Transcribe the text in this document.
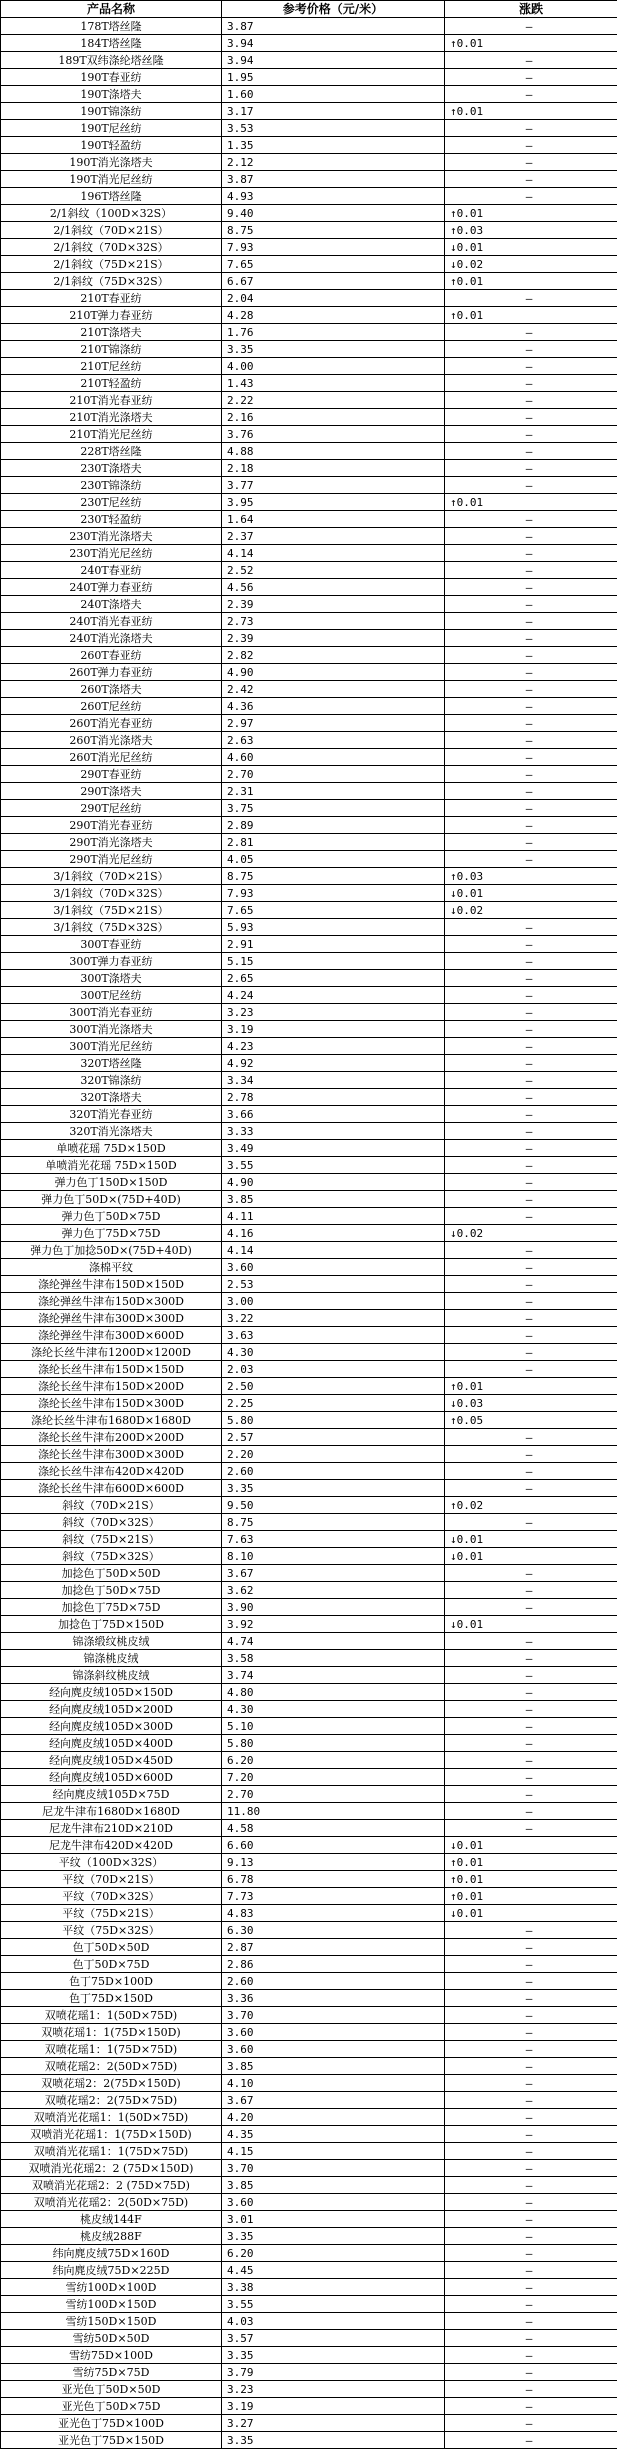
产品名称	参考价格（元/米）	涨跌
178T塔丝隆	3.87	—
184T塔丝隆	3.94	↑0.01
189T双纬涤纶塔丝隆	3.94	—
190T春亚纺	1.95	—
190T涤塔夫	1.60	—
190T锦涤纺	3.17	↑0.01
190T尼丝纺	3.53	—
190T轻盈纺	1.35	—
190T消光涤塔夫	2.12	—
190T消光尼丝纺	3.87	—
196T塔丝隆	4.93	—
2/1斜纹（100D×32S）	9.40	↑0.01
2/1斜纹（70D×21S）	8.75	↑0.03
2/1斜纹（70D×32S）	7.93	↓0.01
2/1斜纹（75D×21S）	7.65	↓0.02
2/1斜纹（75D×32S）	6.67	↑0.01
210T春亚纺	2.04	—
210T弹力春亚纺	4.28	↑0.01
210T涤塔夫	1.76	—
210T锦涤纺	3.35	—
210T尼丝纺	4.00	—
210T轻盈纺	1.43	—
210T消光春亚纺	2.22	—
210T消光涤塔夫	2.16	—
210T消光尼丝纺	3.76	—
228T塔丝隆	4.88	—
230T涤塔夫	2.18	—
230T锦涤纺	3.77	—
230T尼丝纺	3.95	↑0.01
230T轻盈纺	1.64	—
230T消光涤塔夫	2.37	—
230T消光尼丝纺	4.14	—
240T春亚纺	2.52	—
240T弹力春亚纺	4.56	—
240T涤塔夫	2.39	—
240T消光春亚纺	2.73	—
240T消光涤塔夫	2.39	—
260T春亚纺	2.82	—
260T弹力春亚纺	4.90	—
260T涤塔夫	2.42	—
260T尼丝纺	4.36	—
260T消光春亚纺	2.97	—
260T消光涤塔夫	2.63	—
260T消光尼丝纺	4.60	—
290T春亚纺	2.70	—
290T涤塔夫	2.31	—
290T尼丝纺	3.75	—
290T消光春亚纺	2.89	—
290T消光涤塔夫	2.81	—
290T消光尼丝纺	4.05	—
3/1斜纹（70D×21S）	8.75	↑0.03
3/1斜纹（70D×32S）	7.93	↓0.01
3/1斜纹（75D×21S）	7.65	↓0.02
3/1斜纹（75D×32S）	5.93	—
300T春亚纺	2.91	—
300T弹力春亚纺	5.15	—
300T涤塔夫	2.65	—
300T尼丝纺	4.24	—
300T消光春亚纺	3.23	—
300T消光涤塔夫	3.19	—
300T消光尼丝纺	4.23	—
320T塔丝隆	4.92	—
320T锦涤纺	3.34	—
320T涤塔夫	2.78	—
320T消光春亚纺	3.66	—
320T消光涤塔夫	3.33	—
单喷花瑶 75D×150D	3.49	—
单喷消光花瑶 75D×150D	3.55	—
弹力色丁150D×150D	4.90	—
弹力色丁50D×(75D+40D)	3.85	—
弹力色丁50D×75D	4.11	—
弹力色丁75D×75D	4.16	↓0.02
弹力色丁加捻50D×(75D+40D)	4.14	—
涤棉平纹	3.60	—
涤纶弹丝牛津布150D×150D	2.53	—
涤纶弹丝牛津布150D×300D	3.00	—
涤纶弹丝牛津布300D×300D	3.22	—
涤纶弹丝牛津布300D×600D	3.63	—
涤纶长丝牛津布1200D×1200D	4.30	—
涤纶长丝牛津布150D×150D	2.03	—
涤纶长丝牛津布150D×200D	2.50	↑0.01
涤纶长丝牛津布150D×300D	2.25	↓0.03
涤纶长丝牛津布1680D×1680D	5.80	↑0.05
涤纶长丝牛津布200D×200D	2.57	—
涤纶长丝牛津布300D×300D	2.20	—
涤纶长丝牛津布420D×420D	2.60	—
涤纶长丝牛津布600D×600D	3.35	—
斜纹（70D×21S）	9.50	↑0.02
斜纹（70D×32S）	8.75	—
斜纹（75D×21S）	7.63	↓0.01
斜纹（75D×32S）	8.10	↓0.01
加捻色丁50D×50D	3.67	—
加捻色丁50D×75D	3.62	—
加捻色丁75D×75D	3.90	—
加捻色丁75D×150D	3.92	↓0.01
锦涤缎纹桃皮绒	4.74	—
锦涤桃皮绒	3.58	—
锦涤斜纹桃皮绒	3.74	—
经向麂皮绒105D×150D	4.80	—
经向麂皮绒105D×200D	4.30	—
经向麂皮绒105D×300D	5.10	—
经向麂皮绒105D×400D	5.80	—
经向麂皮绒105D×450D	6.20	—
经向麂皮绒105D×600D	7.20	—
经向麂皮绒105D×75D	2.70	—
尼龙牛津布1680D×1680D	11.80	—
尼龙牛津布210D×210D	4.58	—
尼龙牛津布420D×420D	6.60	↓0.01
平纹（100D×32S）	9.13	↑0.01
平纹（70D×21S）	6.78	↑0.01
平纹（70D×32S）	7.73	↑0.01
平纹（75D×21S）	4.83	↓0.01
平纹（75D×32S）	6.30	—
色丁50D×50D	2.87	—
色丁50D×75D	2.86	—
色丁75D×100D	2.60	—
色丁75D×150D	3.36	—
双喷花瑶1：1(50D×75D)	3.70	—
双喷花瑶1：1(75D×150D)	3.60	—
双喷花瑶1：1(75D×75D)	3.60	—
双喷花瑶2：2(50D×75D)	3.85	—
双喷花瑶2：2(75D×150D)	4.10	—
双喷花瑶2：2(75D×75D)	3.67	—
双喷消光花瑶1：1(50D×75D)	4.20	—
双喷消光花瑶1：1(75D×150D)	4.35	—
双喷消光花瑶1：1(75D×75D)	4.15	—
双喷消光花瑶2：2 (75D×150D)	3.70	—
双喷消光花瑶2：2 (75D×75D)	3.85	—
双喷消光花瑶2：2(50D×75D)	3.60	—
桃皮绒144F	3.01	—
桃皮绒288F	3.35	—
纬向麂皮绒75D×160D	6.20	—
纬向麂皮绒75D×225D	4.45	—
雪纺100D×100D	3.38	—
雪纺100D×150D	3.55	—
雪纺150D×150D	4.03	—
雪纺50D×50D	3.57	—
雪纺75D×100D	3.35	—
雪纺75D×75D	3.79	—
亚光色丁50D×50D	3.23	—
亚光色丁50D×75D	3.19	—
亚光色丁75D×100D	3.27	—
亚光色丁75D×150D	3.35	—
